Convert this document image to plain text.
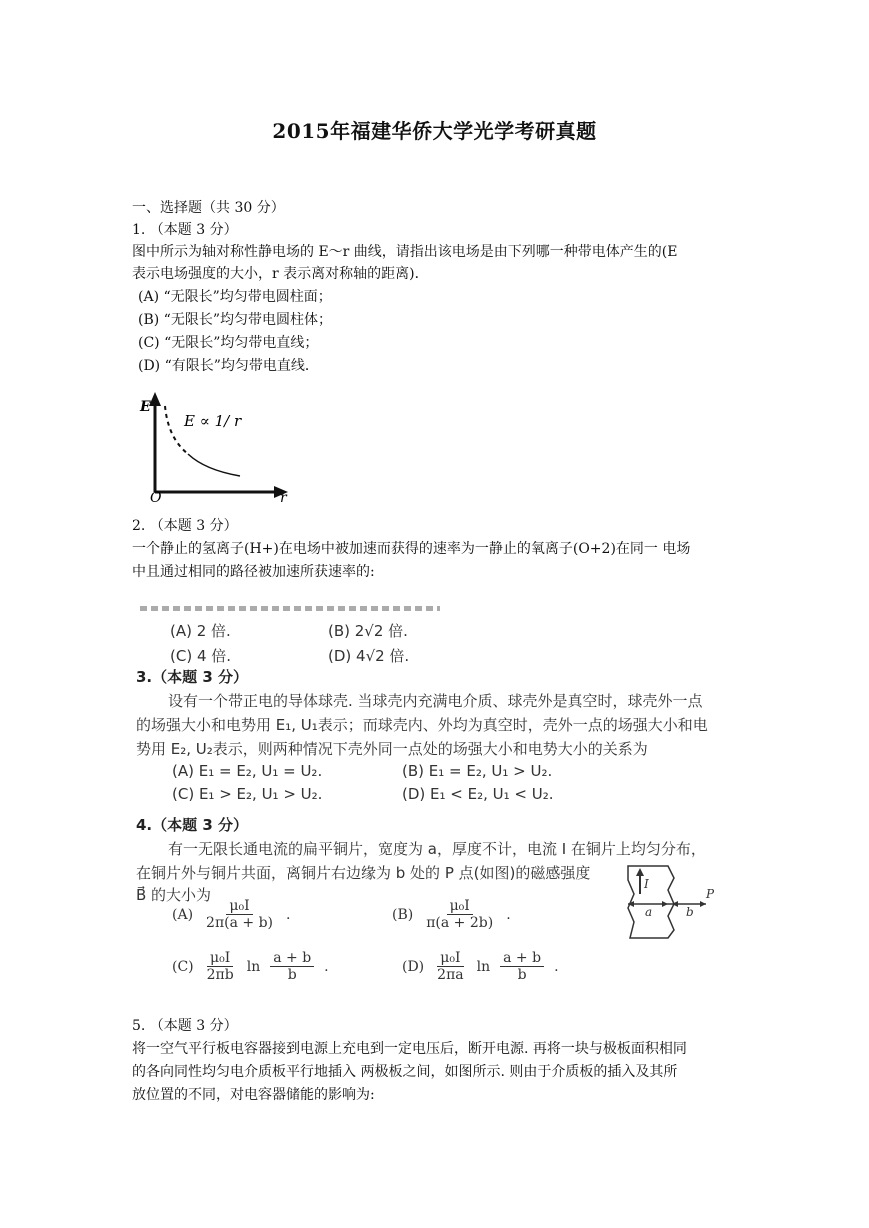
2015年福建华侨大学光学考研真题
一、选择题（共 30 分）
1. （本题 3 分）
图中所示为轴对称性静电场的 E～r 曲线，请指出该电场是由下列哪一种带电体产生的(E
表示电场强度的大小，r 表示离对称轴的距离)．
(A) “无限长”均匀带电圆柱面；
(B) “无限长”均匀带电圆柱体；
(C) “无限长”均匀带电直线；
(D) “有限长”均匀带电直线．
E
r
O
E ∝ 1/ r
2. （本题 3 分）
一个静止的氢离子(H+)在电场中被加速而获得的速率为一静止的氧离子(O+2)在同一 电场
中且通过相同的路径被加速所获速率的:
(A) 2 倍.	(B) 2√2 倍.
(C) 4 倍.	(D) 4√2 倍.
3.（本题 3 分）
设有一个带正电的导体球壳. 当球壳内充满电介质、球壳外是真空时，球壳外一点
的场强大小和电势用 E₁, U₁表示；而球壳内、外均为真空时，壳外一点的场强大小和电
势用 E₂, U₂表示，则两种情况下壳外同一点处的场强大小和电势大小的关系为
(A) E₁ = E₂, U₁ = U₂.	(B) E₁ = E₂, U₁ > U₂.
(C) E₁ > E₂, U₁ > U₂.	(D) E₁ < E₂, U₁ < U₂.
4.（本题 3 分）
有一无限长通电流的扁平铜片，宽度为 a，厚度不计，电流 I 在铜片上均匀分布，
在铜片外与铜片共面，离铜片右边缘为 b 处的 P 点(如图)的磁感强度
B⃗ 的大小为
$(A) \frac{\text{μ₀I}}{2\pi(a + b)}$ .	$(B) \frac{\text{μ₀I}}{\pi(a + 2b)}$ .
$(C) \frac{\text{μ₀I}}{2\pi b}$ $\ln \frac{a + b}{b}$ .	$(D) \frac{\text{μ₀I}}{2\pi a}$ $\ln \frac{a + b}{b}$ .
I
a	b
P
5. （本题 3 分）
将一空气平行板电容器接到电源上充电到一定电压后，断开电源. 再将一块与极板面积相同
的各向同性均匀电介质板平行地插入 两极板之间，如图所示. 则由于介质板的插入及其所
放位置的不同，对电容器储能的影响为:
